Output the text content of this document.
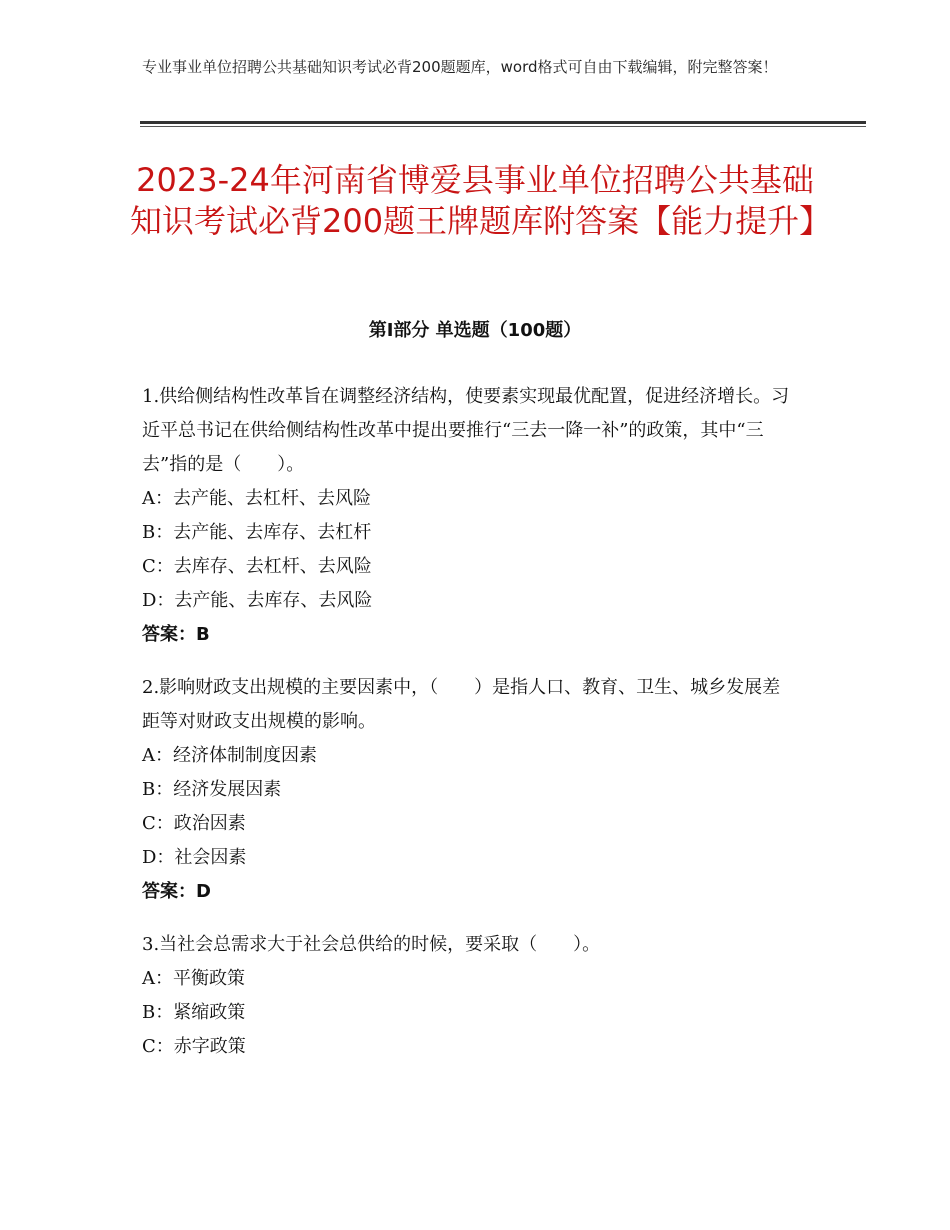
专业事业单位招聘公共基础知识考试必背200题题库，word格式可自由下载编辑，附完整答案！
2023-24年河南省博爱县事业单位招聘公共基础知识考试必背200题王牌题库附答案【能力提升】
第Ⅰ部分 单选题（100题）

1.供给侧结构性改革旨在调整经济结构，使要素实现最优配置，促进经济增长。习近平总书记在供给侧结构性改革中提出要推行“三去一降一补”的政策，其中“三去”指的是（　　）。

A：去产能、去杠杆、去风险

B：去产能、去库存、去杠杆

C：去库存、去杠杆、去风险

D：去产能、去库存、去风险

答案：B

2.影响财政支出规模的主要因素中，（　　）是指人口、教育、卫生、城乡发展差距等对财政支出规模的影响。

A：经济体制制度因素

B：经济发展因素

C：政治因素

D：社会因素

答案：D

3.当社会总需求大于社会总供给的时候，要采取（　　）。

A：平衡政策

B：紧缩政策

C：赤字政策
